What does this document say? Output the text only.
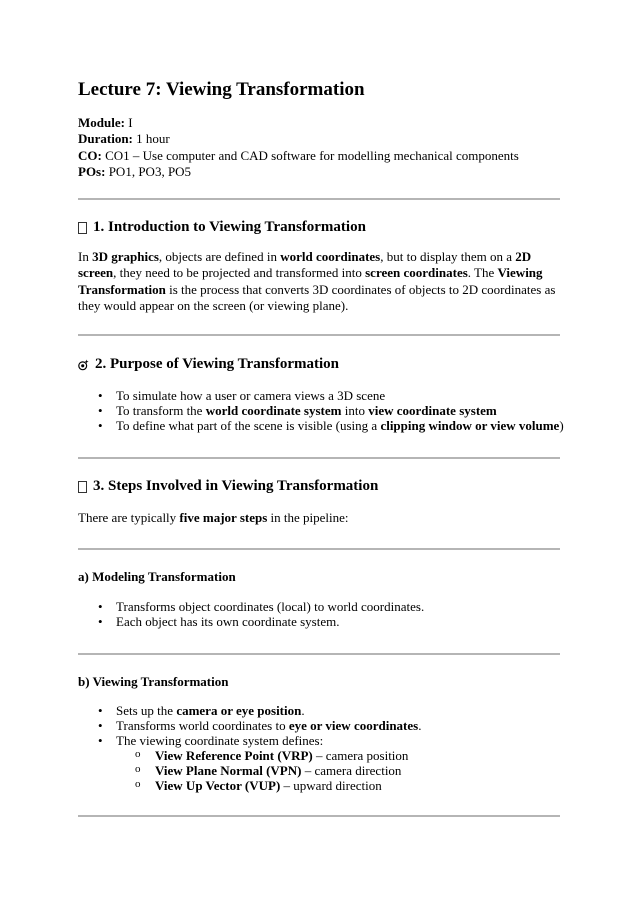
Lecture 7: Viewing Transformation
Module: I
Duration: 1 hour
CO: CO1 – Use computer and CAD software for modelling mechanical components
POs: PO1, PO3, PO5
1. Introduction to Viewing Transformation

In 3D graphics, objects are defined in world coordinates, but to display them on a 2D screen, they need to be projected and transformed into screen coordinates. The Viewing Transformation is the process that converts 3D coordinates of objects to 2D coordinates as they would appear on the screen (or viewing plane).

2. Purpose of Viewing Transformation
• To simulate how a user or camera views a 3D scene
• To transform the world coordinate system into view coordinate system
• To define what part of the scene is visible (using a clipping window or view volume)
3. Steps Involved in Viewing Transformation

There are typically five major steps in the pipeline:

a) Modeling Transformation
• Transforms object coordinates (local) to world coordinates.
• Each object has its own coordinate system.
b) Viewing Transformation
• Sets up the camera or eye position.
• Transforms world coordinates to eye or view coordinates.
• The viewing coordinate system defines:
o View Reference Point (VRP) – camera position
o View Plane Normal (VPN) – camera direction
o View Up Vector (VUP) – upward direction
